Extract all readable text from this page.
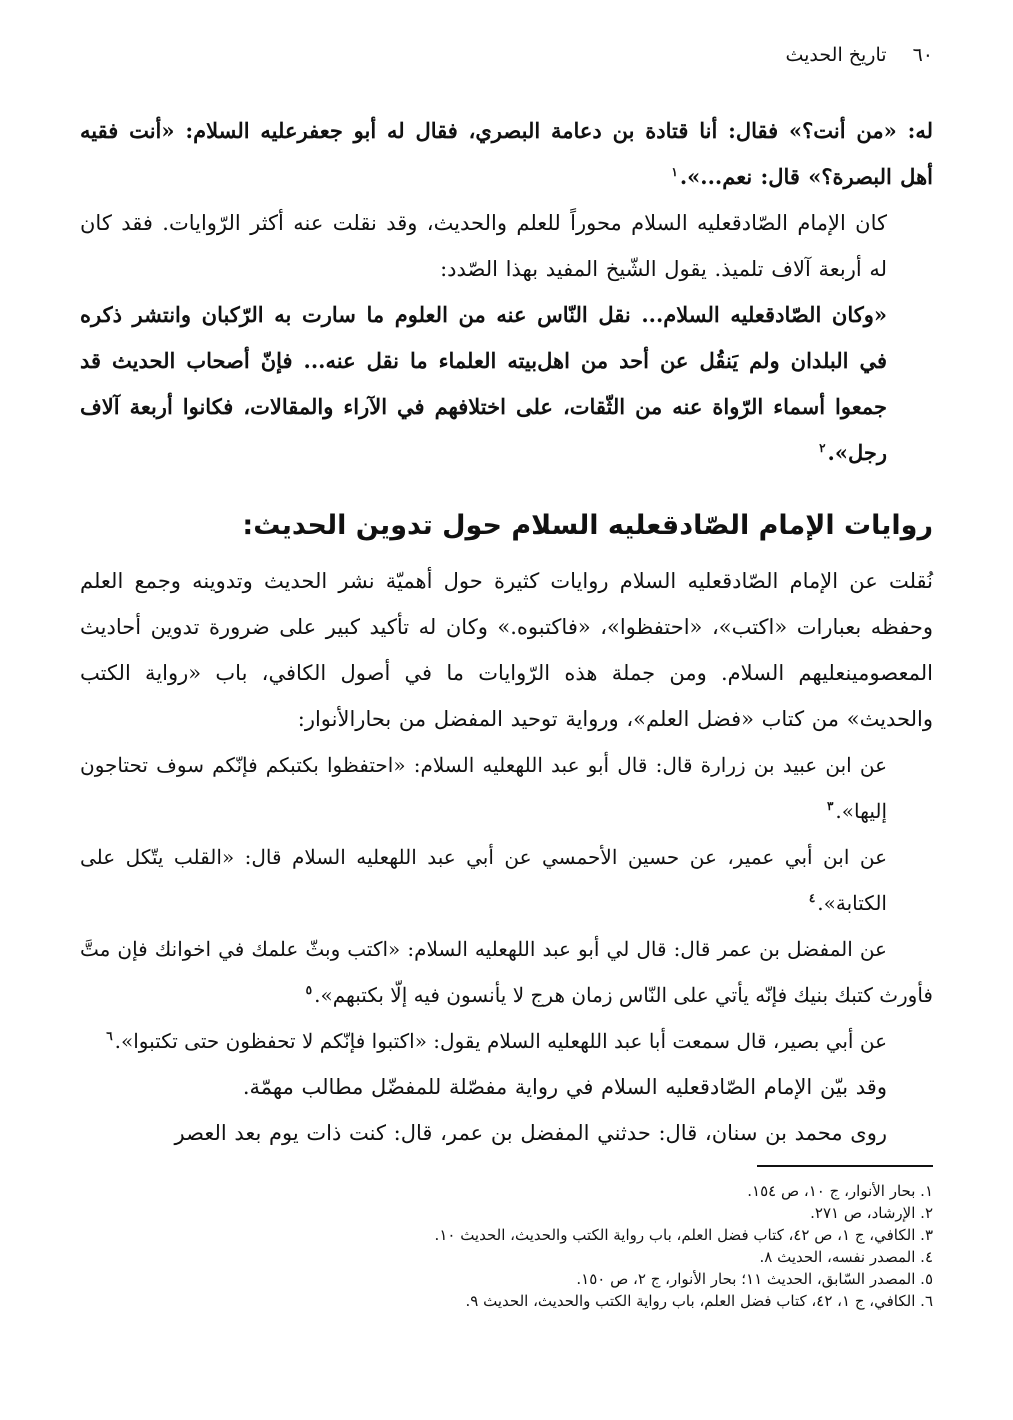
٦٠
تاريخ الحديث

له: «من أنت؟» فقال: أنا قتادة بن دعامة البصري، فقال له أبو جعفرعليه السلام: «أنت فقيه أهل البصرة؟» قال: نعم...».$^١$

كان الإمام الصّادقعليه السلام محوراً للعلم والحديث، وقد نقلت عنه أكثر الرّوايات. فقد كان له أربعة آلاف تلميذ. يقول الشّيخ المفيد بهذا الصّدد:

«وكان الصّادقعليه السلام... نقل النّاس عنه من العلوم ما سارت به الرّكبان وانتشر ذكره في البلدان ولم يَنقُل عن أحد من اهل‌بيته العلماء ما نقل عنه... فإنّ أصحاب الحديث قد جمعوا أسماء الرّواة عنه من الثّقات، على اختلافهم في الآراء والمقالات، فكانوا أربعة آلاف رجل».$^٢$

روايات الإمام الصّادقعليه السلام حول تدوين الحديث:

نُقلت عن الإمام الصّادقعليه السلام روايات كثيرة حول أهميّة نشر الحديث وتدوينه وجمع العلم وحفظه بعبارات «اكتب»، «احتفظوا»، «فاكتبوه.» وكان له تأكيد كبير على ضرورة تدوين أحاديث المعصومينعليهم السلام. ومن جملة هذه الرّوايات ما في أصول الكافي، باب «رواية الكتب والحديث» من كتاب «فضل العلم»، ورواية توحيد المفضل من بحارالأنوار:

عن ابن عبيد بن زرارة قال: قال أبو عبد اللهعليه السلام: «احتفظوا بكتبكم فإنّكم سوف تحتاجون إليها».$^٣$

عن ابن أبي عمير، عن حسين الأحمسي عن أبي عبد اللهعليه السلام قال: «القلب يتّكل على الكتابة».$^٤$

عن المفضل بن عمر قال: قال لي أبو عبد اللهعليه السلام: «اكتب وبثّ علمك في اخوانك فإن متَّ فأورث كتبك بنيك فإنّه يأتي على النّاس زمان هرج لا يأنسون فيه إلّا بكتبهم».$^٥$

عن أبي بصير، قال سمعت أبا عبد اللهعليه السلام يقول: «اكتبوا فإنّكم لا تحفظون حتى تكتبوا».$^٦$

وقد بيّن الإمام الصّادقعليه السلام في رواية مفصّلة للمفضّل مطالب مهمّة.

روى محمد بن سنان، قال: حدثني المفضل بن عمر، قال: كنت ذات يوم بعد العصر

١. بحار الأنوار، ج ١٠، ص ١٥٤.
٢. الإرشاد، ص ٢٧١.
٣. الكافي، ج ١، ص ٤٢، كتاب فضل العلم، باب رواية الكتب والحديث، الحديث ١٠.
٤. المصدر نفسه، الحديث ٨.
٥. المصدر السّابق، الحديث ١١؛ بحار الأنوار، ج ٢، ص ١٥٠.
٦. الكافي، ج ١، ٤٢، كتاب فضل العلم، باب رواية الكتب والحديث، الحديث ٩.
